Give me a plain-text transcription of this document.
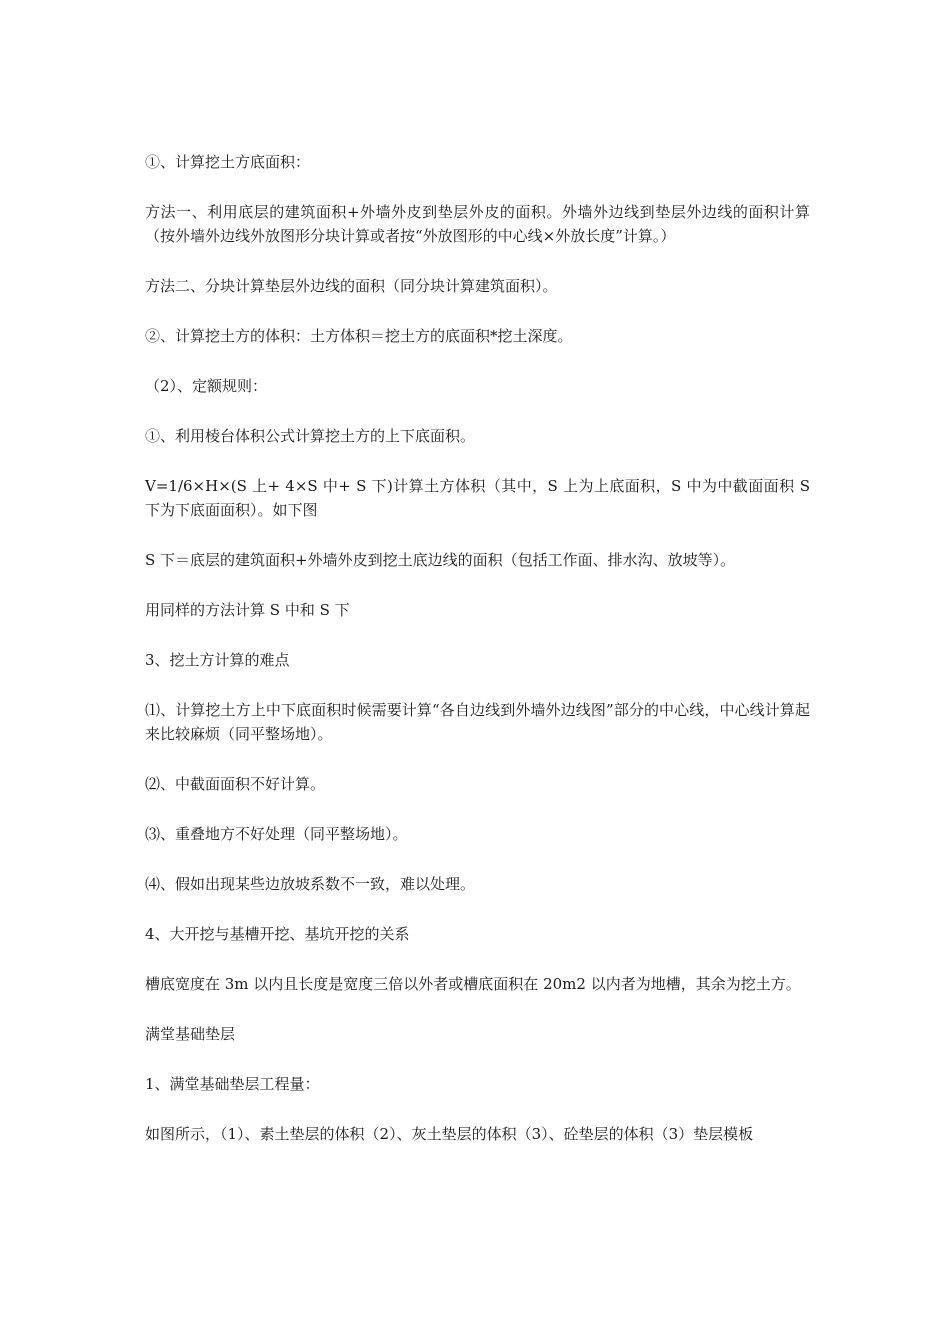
①、计算挖土方底面积：

方法一、利用底层的建筑面积+外墙外皮到垫层外皮的面积。外墙外边线到垫层外边线的面积计算（按外墙外边线外放图形分块计算或者按“外放图形的中心线×外放长度”计算。）

方法二、分块计算垫层外边线的面积（同分块计算建筑面积）。

②、计算挖土方的体积：土方体积＝挖土方的底面积*挖土深度。

（2）、定额规则：

①、利用棱台体积公式计算挖土方的上下底面积。

V=1/6×H×(S 上+ 4×S 中+ S 下)计算土方体积（其中，S 上为上底面积，S 中为中截面面积 S 下为下底面面积）。如下图

S 下＝底层的建筑面积+外墙外皮到挖土底边线的面积（包括工作面、排水沟、放坡等）。

用同样的方法计算 S 中和 S 下

3、挖土方计算的难点

⑴、计算挖土方上中下底面积时候需要计算“各自边线到外墙外边线图”部分的中心线，中心线计算起来比较麻烦（同平整场地）。

⑵、中截面面积不好计算。

⑶、重叠地方不好处理（同平整场地）。

⑷、假如出现某些边放坡系数不一致，难以处理。

4、大开挖与基槽开挖、基坑开挖的关系

槽底宽度在 3m 以内且长度是宽度三倍以外者或槽底面积在 20m2 以内者为地槽，其余为挖土方。

满堂基础垫层

1、满堂基础垫层工程量：

如图所示，（1）、素土垫层的体积（2）、灰土垫层的体积（3）、砼垫层的体积（3）垫层模板
